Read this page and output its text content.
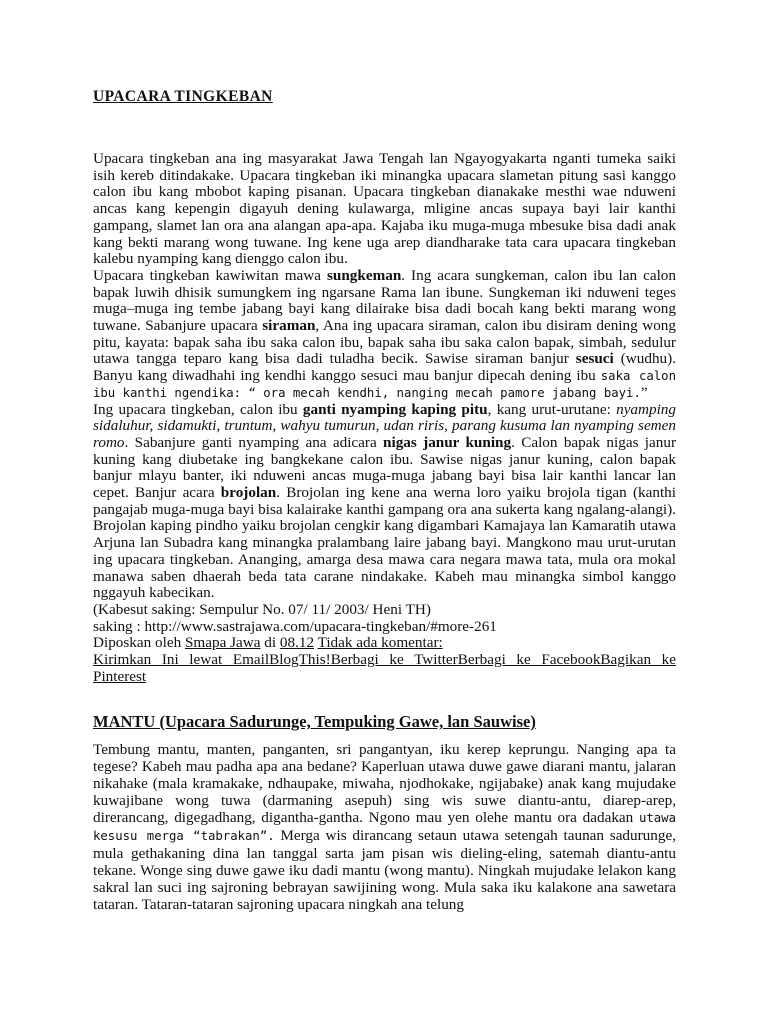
UPACARA TINGKEBAN

Upacara tingkeban ana ing masyarakat Jawa Tengah lan Ngayogyakarta nganti tumeka saiki isih kereb ditindakake. Upacara tingkeban iki minangka upacara slametan pitung sasi kanggo calon ibu kang mbobot kaping pisanan. Upacara tingkeban dianakake mesthi wae nduweni ancas kang kepengin digayuh dening kulawarga, mligine ancas supaya bayi lair kanthi gampang, slamet lan ora ana alangan apa-apa. Kajaba iku muga-muga mbesuke bisa dadi anak kang bekti marang wong tuwane. Ing kene uga arep diandharake tata cara upacara tingkeban kalebu nyamping kang dienggo calon ibu.

Upacara tingkeban kawiwitan mawa sungkeman. Ing acara sungkeman, calon ibu lan calon bapak luwih dhisik sumungkem ing ngarsane Rama lan ibune. Sungkeman iki nduweni teges muga–muga ing tembe jabang bayi kang dilairake bisa dadi bocah kang bekti marang wong tuwane. Sabanjure upacara siraman, Ana ing upacara siraman, calon ibu disiram dening wong pitu, kayata: bapak saha ibu saka calon ibu, bapak saha ibu saka calon bapak, simbah, sedulur utawa tangga teparo kang bisa dadi tuladha becik. Sawise siraman banjur sesuci (wudhu). Banyu kang diwadhahi ing kendhi kanggo sesuci mau banjur dipecah dening ibu saka calon ibu kanthi ngendika: “ ora mecah kendhi, nanging mecah pamore jabang bayi.”

Ing upacara tingkeban, calon ibu ganti nyamping kaping pitu, kang urut-urutane: nyamping sidaluhur, sidamukti, truntum, wahyu tumurun, udan riris, parang kusuma lan nyamping semen romo. Sabanjure ganti nyamping ana adicara nigas janur kuning. Calon bapak nigas janur kuning kang diubetake ing bangkekane calon ibu. Sawise nigas janur kuning, calon bapak banjur mlayu banter, iki nduweni ancas muga-muga jabang bayi bisa lair kanthi lancar lan cepet. Banjur acara brojolan. Brojolan ing kene ana werna loro yaiku brojola tigan (kanthi pangajab muga-muga bayi bisa kalairake kanthi gampang ora ana sukerta kang ngalang-alangi). Brojolan kaping pindho yaiku brojolan cengkir kang digambari Kamajaya lan Kamaratih utawa Arjuna lan Subadra kang minangka pralambang laire jabang bayi. Mangkono mau urut-urutan ing upacara tingkeban. Ananging, amarga desa mawa cara negara mawa tata, mula ora mokal manawa saben dhaerah beda tata carane nindakake. Kabeh mau minangka simbol kanggo nggayuh kabecikan.

(Kabesut saking: Sempulur No. 07/ 11/ 2003/ Heni TH)

saking : http://www.sastrajawa.com/upacara-tingkeban/#more-261

Diposkan oleh Smapa Jawa di 08.12 Tidak ada komentar:

Kirimkan Ini lewat EmailBlogThis!Berbagi ke TwitterBerbagi ke FacebookBagikan ke Pinterest

MANTU (Upacara Sadurunge, Tempuking Gawe, lan Sauwise)

Tembung mantu, manten, panganten, sri pangantyan, iku kerep keprungu. Nanging apa ta tegese? Kabeh mau padha apa ana bedane? Kaperluan utawa duwe gawe diarani mantu, jalaran nikahake (mala kramakake, ndhaupake, miwaha, njodhokake, ngijabake) anak kang mujudake kuwajibane wong tuwa (darmaning asepuh) sing wis suwe diantu-antu, diarep-arep, direrancang, digegadhang, digantha-gantha. Ngono mau yen olehe mantu ora dadakan utawa kesusu merga “tabrakan”. Merga wis dirancang setaun utawa setengah taunan sadurunge, mula gethakaning dina lan tanggal sarta jam pisan wis dieling-eling, satemah diantu-antu tekane. Wonge sing duwe gawe iku dadi mantu (wong mantu). Ningkah mujudake lelakon kang sakral lan suci ing sajroning bebrayan sawijining wong. Mula saka iku kalakone ana sawetara tataran. Tataran-tataran sajroning upacara ningkah ana telung
